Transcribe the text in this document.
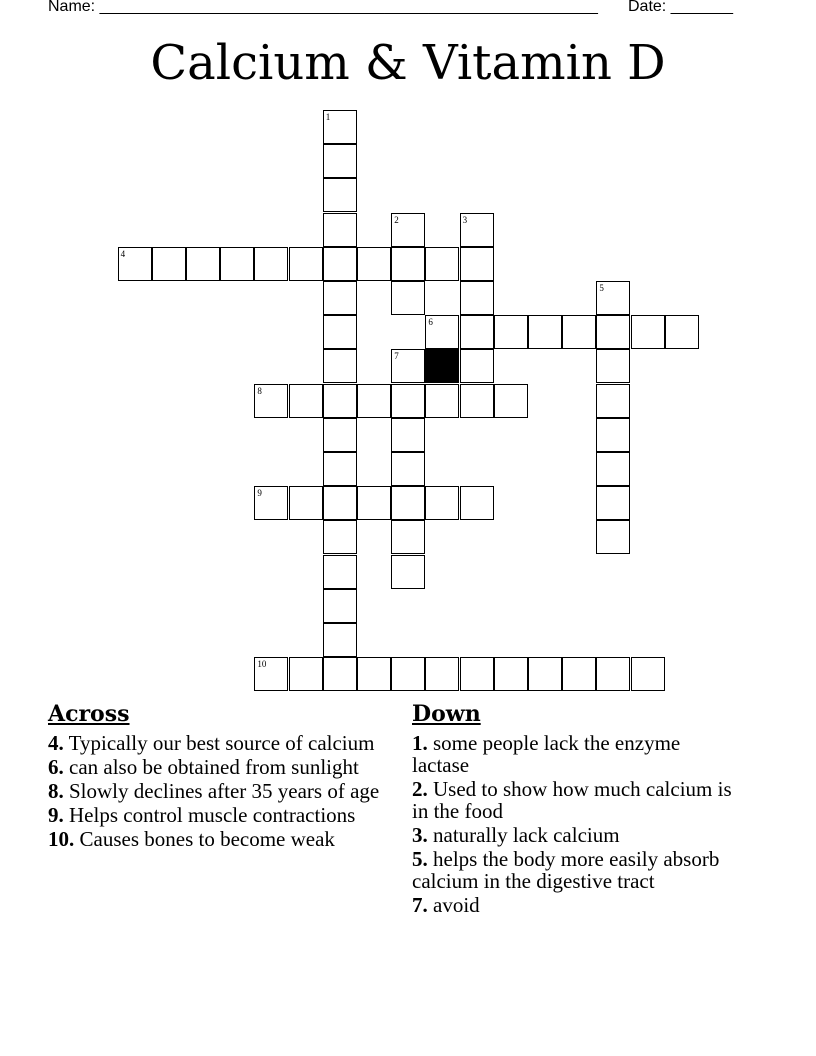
Name: ________________________________________________________ Date: _______
Calcium & Vitamin D
4
6
8
9
10
1
2	3
5
7
Across
4. Typically our best source of calcium
6. can also be obtained from sunlight
8. Slowly declines after 35 years of age
9. Helps control muscle contractions
10. Causes bones to become weak
Down
1. some people lack the enzyme lactase
2. Used to show how much calcium is in the food
3. naturally lack calcium
5. helps the body more easily absorb calcium in the digestive tract
7. avoid
